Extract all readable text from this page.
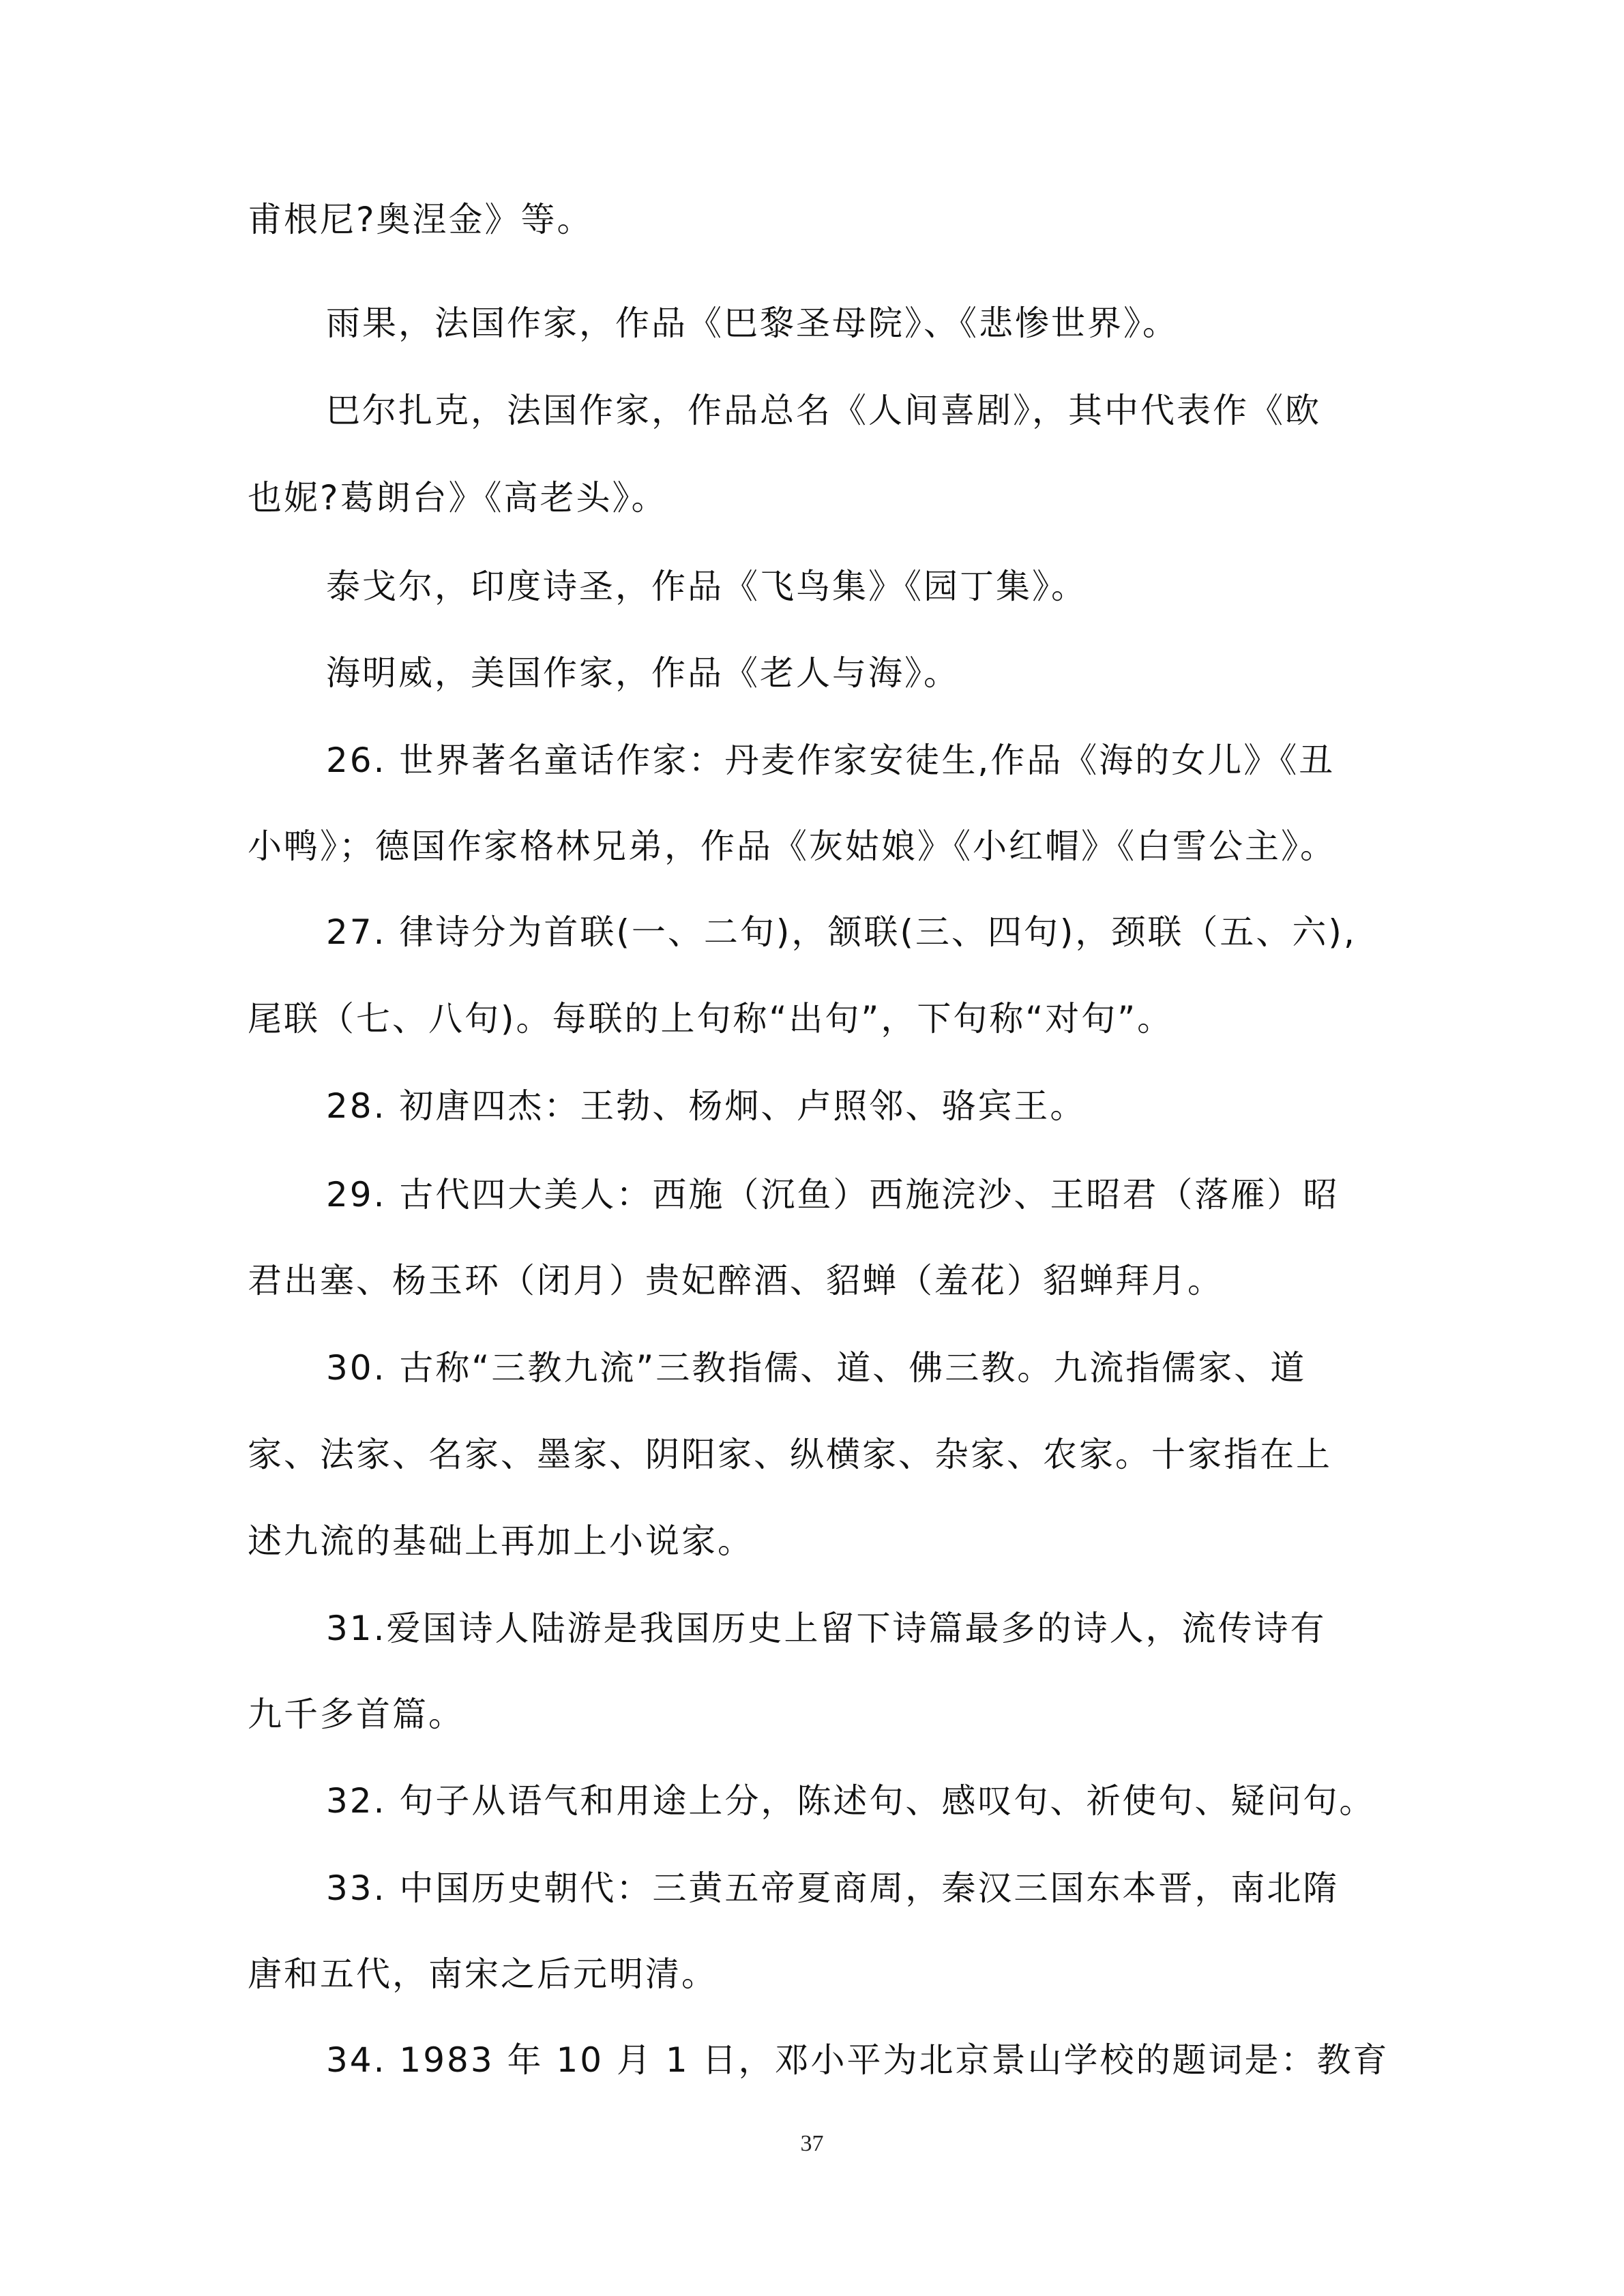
甫根尼?奥涅金》等。
雨果，法国作家，作品《巴黎圣母院》、《悲惨世界》。
巴尔扎克，法国作家，作品总名《人间喜剧》，其中代表作《欧
也妮?葛朗台》《高老头》。
泰戈尔，印度诗圣，作品《飞鸟集》《园丁集》。
海明威，美国作家，作品《老人与海》。
26. 世界著名童话作家：丹麦作家安徒生,作品《海的女儿》《丑
小鸭》；德国作家格林兄弟，作品《灰姑娘》《小红帽》《白雪公主》。
27. 律诗分为首联(一、二句)，颔联(三、四句)，颈联（五、六),
尾联（七、八句)。每联的上句称“出句”，下句称“对句”。
28. 初唐四杰：王勃、杨炯、卢照邻、骆宾王。
29. 古代四大美人：西施（沉鱼）西施浣沙、王昭君（落雁）昭
君出塞、杨玉环（闭月）贵妃醉酒、貂蝉（羞花）貂蝉拜月。
30. 古称“三教九流”三教指儒、道、佛三教。九流指儒家、道
家、法家、名家、墨家、阴阳家、纵横家、杂家、农家。十家指在上
述九流的基础上再加上小说家。
31.爱国诗人陆游是我国历史上留下诗篇最多的诗人，流传诗有
九千多首篇。
32. 句子从语气和用途上分，陈述句、感叹句、祈使句、疑问句。
33. 中国历史朝代：三黄五帝夏商周，秦汉三国东本晋，南北隋
唐和五代，南宋之后元明清。
34. 1983 年 10 月 1 日，邓小平为北京景山学校的题词是：教育
37
